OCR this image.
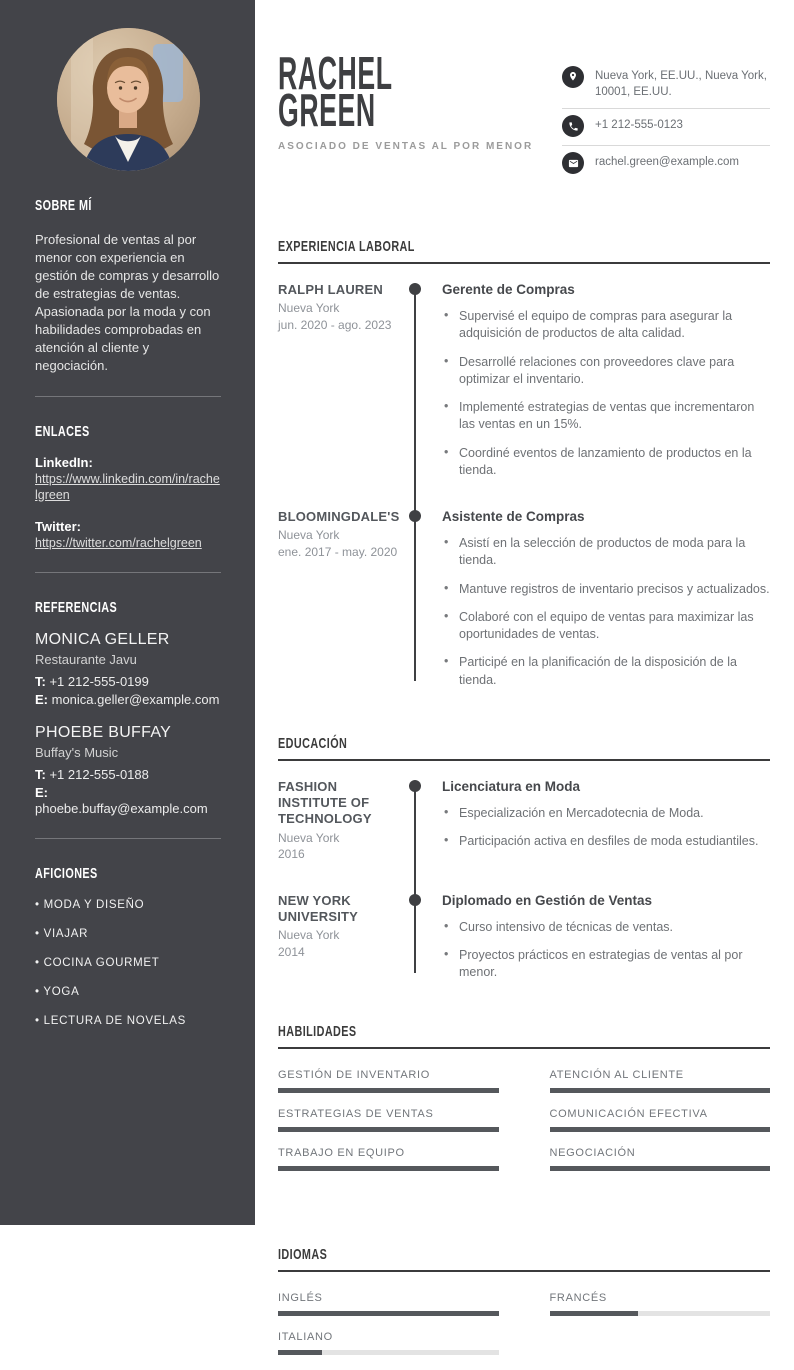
SOBRE MÍ

Profesional de ventas al por menor con experiencia en gestión de compras y desarrollo de estrategias de ventas. Apasionada por la moda y con habilidades comprobadas en atención al cliente y negociación.

ENLACES
LinkedIn:
https://www.linkedin.com/in/rachelgreen
Twitter:
https://twitter.com/rachelgreen
REFERENCIAS
MONICA GELLER
Restaurante Javu
T: +1 212-555-0199
E: monica.geller@example.com
PHOEBE BUFFAY
Buffay's Music
T: +1 212-555-0188
E: phoebe.buffay@example.com
AFICIONES
• MODA Y DISEÑO
• VIAJAR
• COCINA GOURMET
• YOGA
• LECTURA DE NOVELAS
RACHEL
GREEN
ASOCIADO DE VENTAS AL POR MENOR
Nueva York, EE.UU., Nueva York, 10001, EE.UU.
+1 212-555-0123
rachel.green@example.com
EXPERIENCIA LABORAL
RALPH LAUREN
Nueva York
jun. 2020 - ago. 2023
Gerente de Compras
• Supervisé el equipo de compras para asegurar la adquisición de productos de alta calidad.
• Desarrollé relaciones con proveedores clave para optimizar el inventario.
• Implementé estrategias de ventas que incrementaron las ventas en un 15%.
• Coordiné eventos de lanzamiento de productos en la tienda.
BLOOMINGDALE'S
Nueva York
ene. 2017 - may. 2020
Asistente de Compras
• Asistí en la selección de productos de moda para la tienda.
• Mantuve registros de inventario precisos y actualizados.
• Colaboré con el equipo de ventas para maximizar las oportunidades de ventas.
• Participé en la planificación de la disposición de la tienda.
EDUCACIÓN
FASHION INSTITUTE OF TECHNOLOGY
Nueva York
2016
Licenciatura en Moda
• Especialización en Mercadotecnia de Moda.
• Participación activa en desfiles de moda estudiantiles.
NEW YORK UNIVERSITY
Nueva York
2014
Diplomado en Gestión de Ventas
• Curso intensivo de técnicas de ventas.
• Proyectos prácticos en estrategias de ventas al por menor.
HABILIDADES
GESTIÓN DE INVENTARIO	ATENCIÓN AL CLIENTE
ESTRATEGIAS DE VENTAS	COMUNICACIÓN EFECTIVA
TRABAJO EN EQUIPO	NEGOCIACIÓN
IDIOMAS
INGLÉS	FRANCÉS
ITALIANO
